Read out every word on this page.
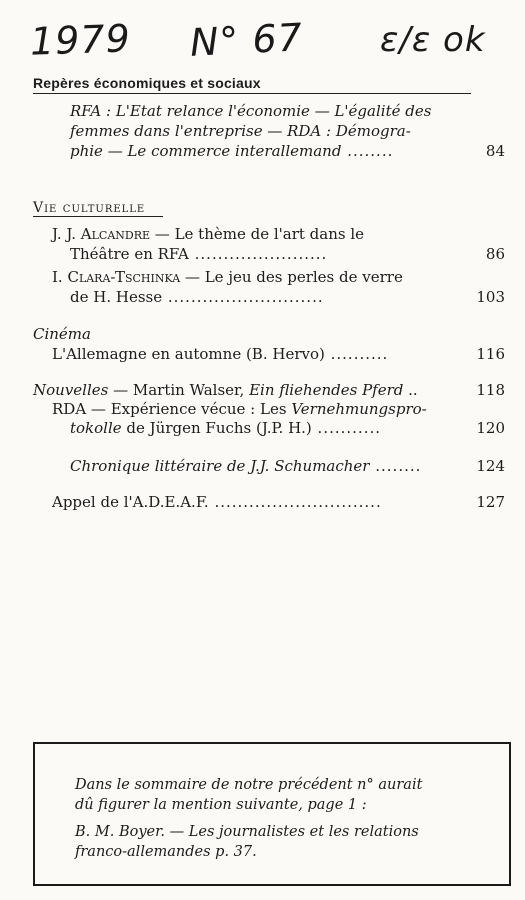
1979 N° 67 ε/ε ok
Repères économiques et sociaux
RFA : L'Etat relance l'économie — L'égalité des
femmes dans l'entreprise — RDA : Démogra-
phie — Le commerce interallemand ........	84
Vie culturelle
J. J. Alcandre — Le thème de l'art dans le
Théâtre en RFA .......................	86
I. Clara-Tschinka — Le jeu des perles de verre
de H. Hesse ...........................	103
Cinéma
L'Allemagne en automne (B. Hervo) ..........	116
Nouvelles — Martin Walser, Ein fliehendes Pferd ..	118
RDA — Expérience vécue : Les Vernehmungspro-
tokolle de Jürgen Fuchs (J.P. H.) ...........	120
Chronique littéraire de J.J. Schumacher ........	124
Appel de l'A.D.E.A.F. .............................	127
Dans le sommaire de notre précédent n° aurait
dû figurer la mention suivante, page 1 :
B. M. Boyer. — Les journalistes et les relations
franco-allemandes p. 37.
